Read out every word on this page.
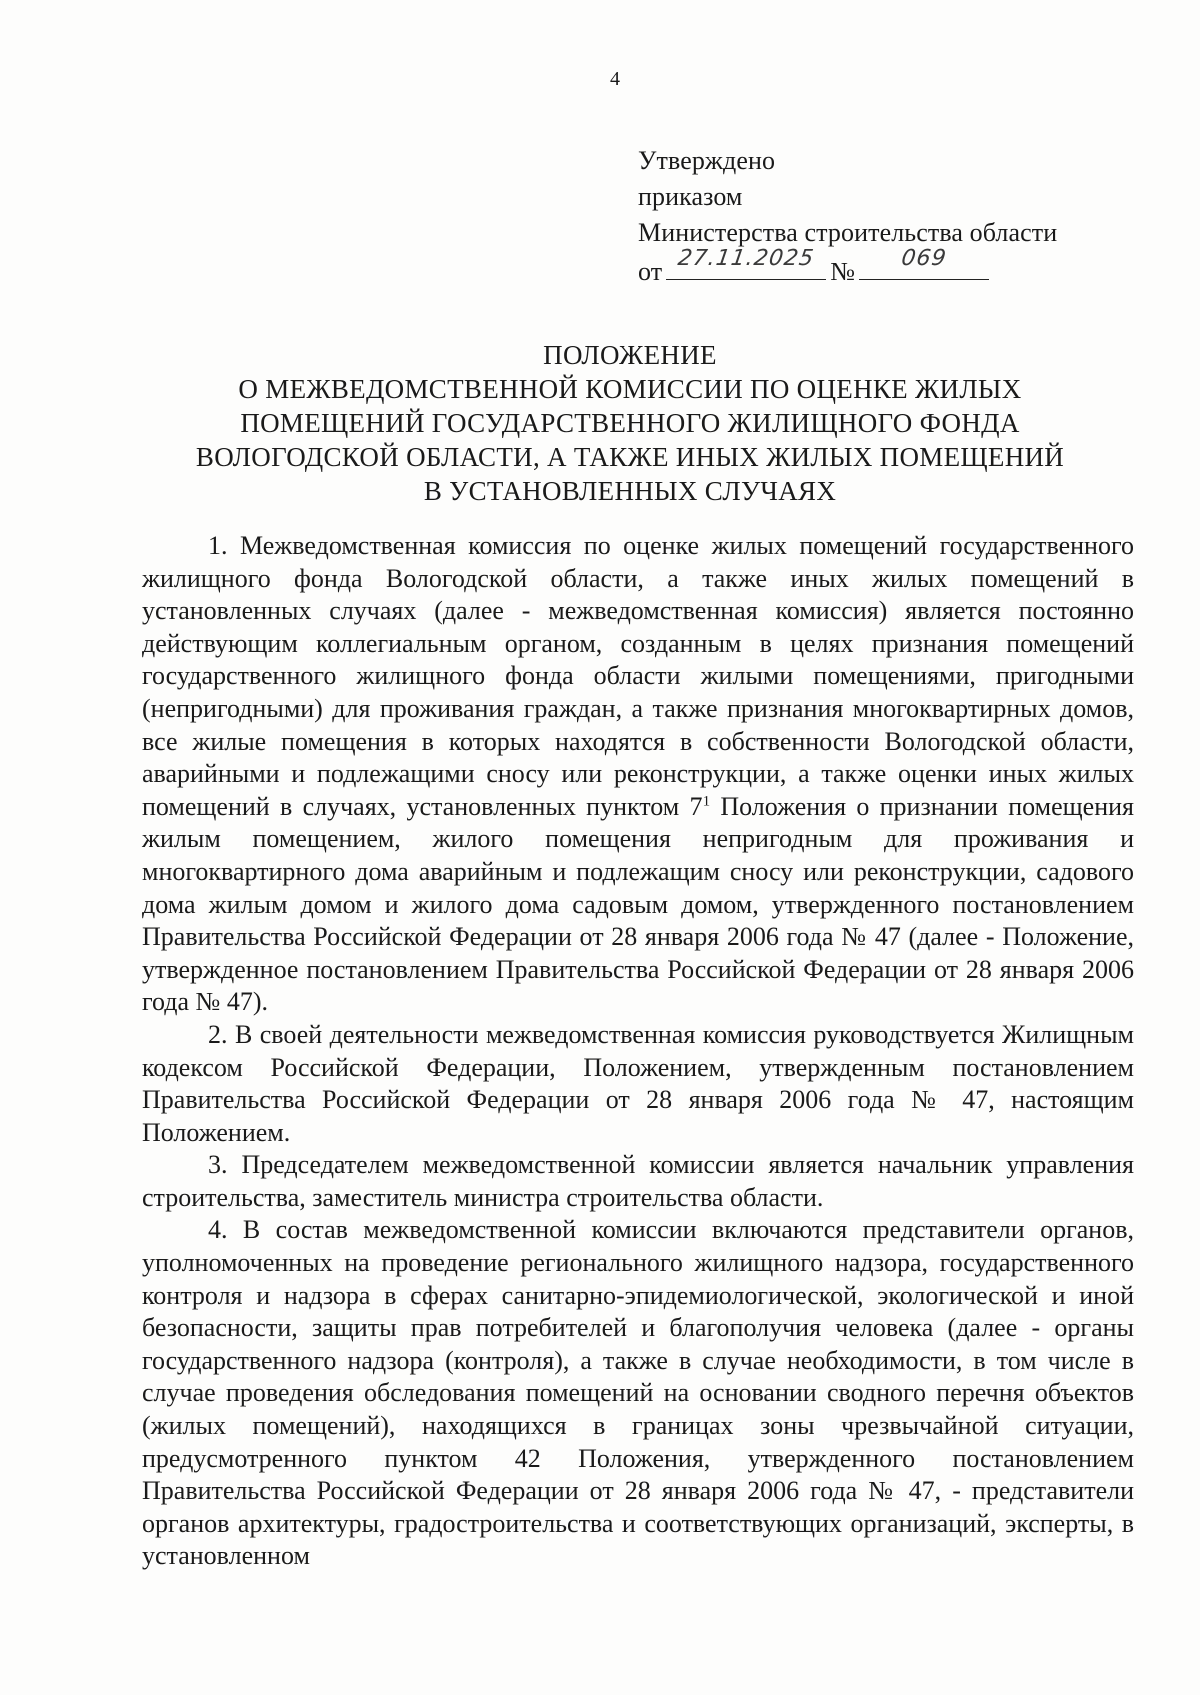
4
Утверждено
приказом
Министерства строительства области
от 27.11.2025 №	069
ПОЛОЖЕНИЕ
О МЕЖВЕДОМСТВЕННОЙ КОМИССИИ ПО ОЦЕНКЕ ЖИЛЫХ
ПОМЕЩЕНИЙ ГОСУДАРСТВЕННОГО ЖИЛИЩНОГО ФОНДА
ВОЛОГОДСКОЙ ОБЛАСТИ, А ТАКЖЕ ИНЫХ ЖИЛЫХ ПОМЕЩЕНИЙ
В УСТАНОВЛЕННЫХ СЛУЧАЯХ

1. Межведомственная комиссия по оценке жилых помещений государственного жилищного фонда Вологодской области, а также иных жилых помещений в установленных случаях (далее - межведомственная комиссия) является постоянно действующим коллегиальным органом, созданным в целях признания помещений государственного жилищного фонда области жилыми помещениями, пригодными (непригодными) для проживания граждан, а также признания многоквартирных домов, все жилые помещения в которых находятся в собственности Вологодской области, аварийными и подлежащими сносу или реконструкции, а также оценки иных жилых помещений в случаях, установленных пунктом $7^1$ Положения о признании помещения жилым помещением, жилого помещения непригодным для проживания и многоквартирного дома аварийным и подлежащим сносу или реконструкции, садового дома жилым домом и жилого дома садовым домом, утвержденного постановлением Правительства Российской Федерации от 28 января 2006 года № 47 (далее - Положение, утвержденное постановлением Правительства Российской Федерации от 28 января 2006 года № 47).

2. В своей деятельности межведомственная комиссия руководствуется Жилищным кодексом Российской Федерации, Положением, утвержденным постановлением Правительства Российской Федерации от 28 января 2006 года № 47, настоящим Положением.

3. Председателем межведомственной комиссии является начальник управления строительства, заместитель министра строительства области.

4. В состав межведомственной комиссии включаются представители органов, уполномоченных на проведение регионального жилищного надзора, государственного контроля и надзора в сферах санитарно-эпидемиологической, экологической и иной безопасности, защиты прав потребителей и благополучия человека (далее - органы государственного надзора (контроля), а также в случае необходимости, в том числе в случае проведения обследования помещений на основании сводного перечня объектов (жилых помещений), находящихся в границах зоны чрезвычайной ситуации, предусмотренного пунктом 42 Положения, утвержденного постановлением Правительства Российской Федерации от 28 января 2006 года № 47, - представители органов архитектуры, градостроительства и соответствующих организаций, эксперты, в установленном
